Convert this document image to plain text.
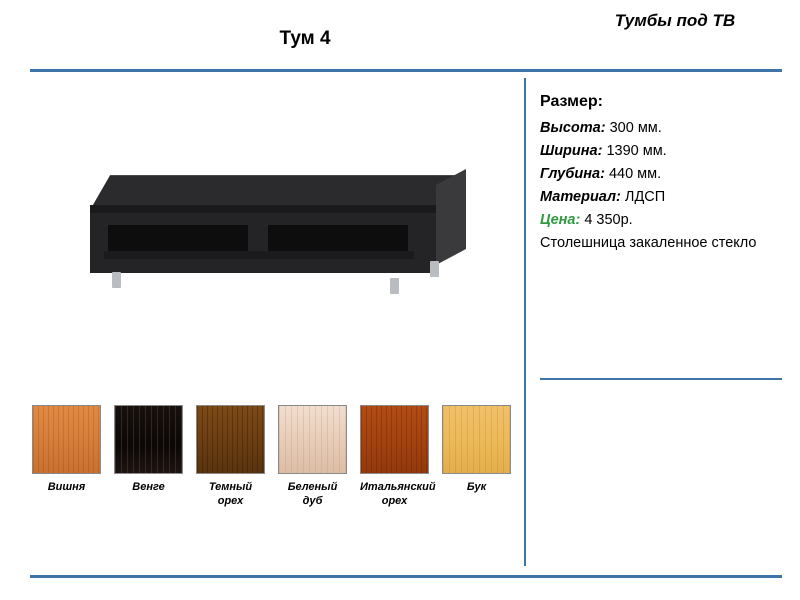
Тум 4
Тумбы под ТВ
Размер:
Высота: 300 мм.
Ширина: 1390 мм.
Глубина: 440 мм.
Материал: ЛДСП
Цена: 4 350р.
Столешница закаленное стекло
Вишня	Венге	Темный орех
Беленый дуб
Итальянский орех
Бук
